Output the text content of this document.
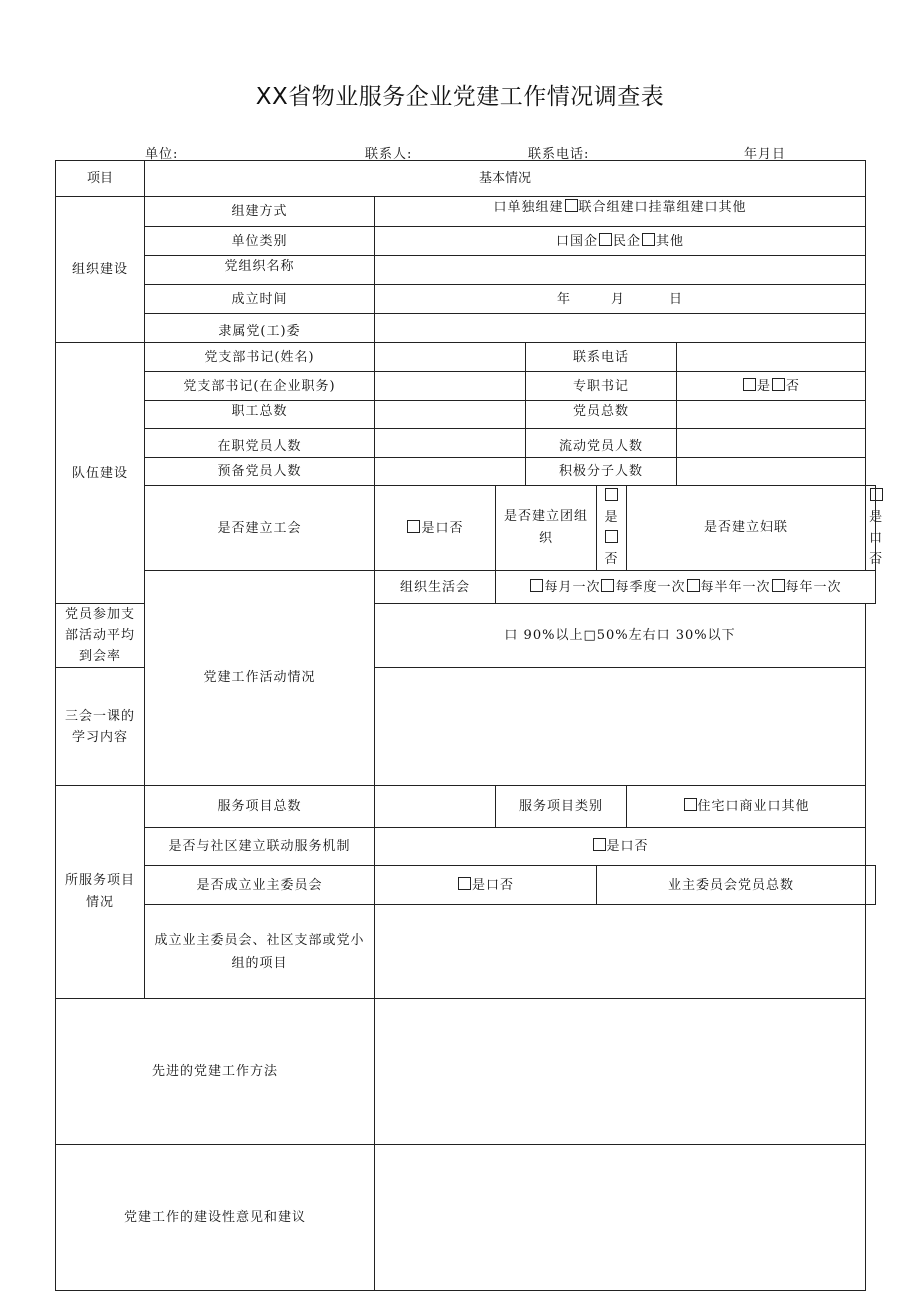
XX省物业服务企业党建工作情况调查表
单位:	联系人:	联系电话:	年月日
项目	基本情况							
组织建设	组建方式	口单独组建 联合组建口挂靠组建口其他						
	单位类别	口国企 民企 其他						
	党组织名称							
	成立时间	年 月 日						
	隶属党(工)委							
队伍建设	党支部书记(姓名)			联系电话				
	党支部书记(在企业职务)			专职书记			是 否	
	职工总数			党员总数				
	在职党员人数			流动党员人数				
	预备党员人数			积极分子人数				
	是否建立工会	是口否	是否建立团组织		是否	是否建立妇联		是口否
	党建工作活动情况	组织生活会	每月一次 每季度一次 每半年一次 每年一次					
党员参加支部活动平均到会率		口 90%以上□50%左右口 30%以下						
三会一课的学习内容								
所服务项目情况	服务项目总数		服务项目类别			住宅口商业口其他		
	是否与社区建立联动服务机制	是口否						
	是否成立业主委员会	是口否			业主委员会党员总数			
	成立业主委员会、社区支部或党小组的项目							
先进的党建工作方法								
党建工作的建设性意见和建议								
